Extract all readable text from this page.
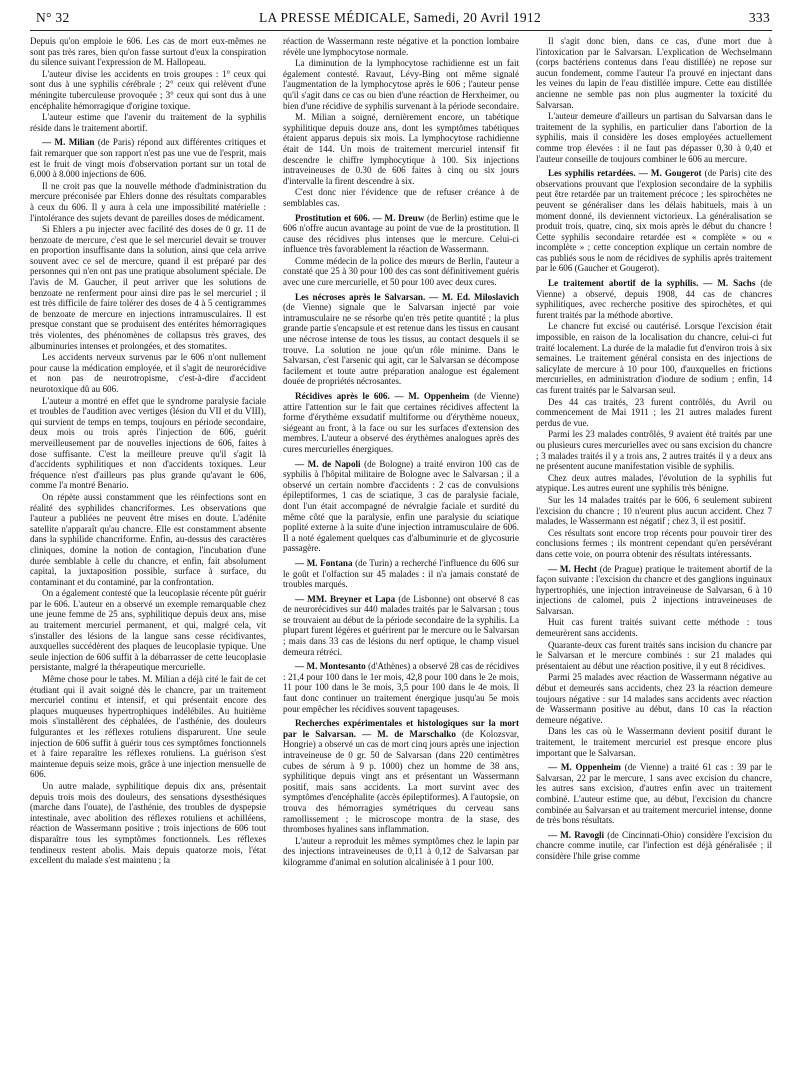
N° 32	LA PRESSE MÉDICALE, Samedi, 20 Avril 1912	333

Depuis qu'on emploie le 606. Les cas de mort eux-mêmes ne sont pas très rares, bien qu'on fasse surtout d'eux la conspiration du silence suivant l'expression de M. Hallopeau.

L'auteur divise les accidents en trois groupes : 1° ceux qui sont dus à une syphilis cérébrale ; 2° ceux qui relèvent d'une méningite tuberculeuse provoquée ; 3° ceux qui sont dus à une encéphalite hémorragique d'origine toxique.

L'auteur estime que l'avenir du traitement de la syphilis réside dans le traitement abortif.

— M. Milian (de Paris) répond aux différentes critiques et fait remarquer que son rapport n'est pas une vue de l'esprit, mais est le fruit de vingt mois d'observation portant sur un total de 6.000 à 8.000 injections de 606.

Il ne croit pas que la nouvelle méthode d'administration du mercure préconisée par Ehlers donne des résultats comparables à ceux du 606. Il y aura à cela une impossibilité matérielle : l'intolérance des sujets devant de pareilles doses de médicament.

Si Ehlers a pu injecter avec facilité des doses de 0 gr. 11 de benzoate de mercure, c'est que le sel mercuriel devait se trouver en proportion insuffisante dans la solution, ainsi que cela arrive souvent avec ce sel de mercure, quand il est préparé par des personnes qui n'en ont pas une pratique absolument spéciale. De l'avis de M. Gaucher, il peut arriver que les solutions de benzoate ne renferment pour ainsi dire pas le sel mercuriel ; il est très difficile de faire tolérer des doses de 4 à 5 centigrammes de benzoate de mercure en injections intramusculaires. Il est presque constant que se produisent des entérites hémorragiques très violentes, des phénomènes de collapsus très graves, des albuminuries intenses et prolongées, et des stomatites.

Les accidents nerveux survenus par le 606 n'ont nullement pour cause la médication employée, et il s'agit de neurorécidive et non pas de neurotropisme, c'est-à-dire d'accident neurotoxique dû au 606.

L'auteur a montré en effet que le syndrome paralysie faciale et troubles de l'audition avec vertiges (lésion du VII et du VIII), qui survient de temps en temps, toujours en période secondaire, deux mois ou trois après l'injection de 606, guérit merveilleusement par de nouvelles injections de 606, faites à dose suffisante. C'est la meilleure preuve qu'il s'agit là d'accidents syphilitiques et non d'accidents toxiques. Leur fréquence n'est d'ailleurs pas plus grande qu'avant le 606, comme l'a montré Benario.

On répète aussi constamment que les réinfections sont en réalité des syphilides chancriformes. Les observations que l'auteur a publiées ne peuvent être mises en doute. L'adénite satellite n'apparaît qu'au chancre. Elle est constamment absente dans la syphilide chancriforme. Enfin, au-dessus des caractères cliniques, domine la notion de contagion, l'incubation d'une durée semblable à celle du chancre, et enfin, fait absolument capital, la juxtaposition possible, surface à surface, du contaminant et du contaminé, par la confrontation.

On a également contesté que la leucoplasie récente pût guérir par le 606. L'auteur en a observé un exemple remarquable chez une jeune femme de 25 ans, syphilitique depuis deux ans, mise au traitement mercuriel permanent, et qui, malgré cela, vit s'installer des lésions de la langue sans cesse récidivantes, auxquelles succédèrent des plaques de leucoplasie typique. Une seule injection de 606 suffit à la débarrasser de cette leucoplasie persistante, malgré la thérapeutique mercurielle.

Même chose pour le tabes. M. Milian a déjà cité le fait de cet étudiant qui il avait soigné dès le chancre, par un traitement mercuriel continu et intensif, et qui présentait encore des plaques muqueuses hypertrophiques indélébiles. Au huitième mois s'installèrent des céphalées, de l'asthénie, des douleurs fulgurantes et les réflexes rotuliens disparurent. Une seule injection de 606 suffit à guérir tous ces symptômes fonctionnels et à faire reparaître les réflexes rotuliens. La guérison s'est maintenue depuis seize mois, grâce à une injection mensuelle de 606.

Un autre malade, syphilitique depuis dix ans, présentait depuis trois mois des douleurs, des sensations dysesthésiques (marche dans l'ouate), de l'asthénie, des troubles de dyspepsie intestinale, avec abolition des réflexes rotuliens et achilléens, réaction de Wassermann positive ; trois injections de 606 tout disparaître tous les symptômes fonctionnels. Les réflexes tendineux restent abolis. Mais depuis quatorze mois, l'état excellent du malade s'est maintenu ; la

réaction de Wassermann reste négative et la ponction lombaire révèle une lymphocytose normale.

La diminution de la lymphocytose rachidienne est un fait également contesté. Ravaut, Lévy-Bing ont même signalé l'augmentation de la lymphocytose après le 606 ; l'auteur pense qu'il s'agit dans ce cas ou bien d'une réaction de Herxheimer, ou bien d'une récidive de syphilis survenant à la période secondaire.

M. Milian a soigné, dernièrement encore, un tabétique syphilitique depuis douze ans, dont les symptômes tabétiques étaient apparus depuis six mois. La lymphocytose rachidienne était de 144. Un mois de traitement mercuriel intensif fit descendre le chiffre lymphocytique à 100. Six injections intraveineuses de 0.30 de 606 faites à cinq ou six jours d'intervalle la firent descendre à six.

C'est donc nier l'évidence que de refuser créance à de semblables cas.

Prostitution et 606. — M. Dreuw (de Berlin) estime que le 606 n'offre aucun avantage au point de vue de la prostitution. Il cause des récidives plus intenses que le mercure. Celui-ci influence très favorablement la réaction de Wassermann.

Comme médecin de la police des mœurs de Berlin, l'auteur a constaté que 25 à 30 pour 100 des cas sont définitivement guéris avec une cure mercurielle, et 50 pour 100 avec deux cures.

Les nécroses après le Salvarsan. — M. Ed. Miloslavich (de Vienne) signale que le Salvarsan injecté par voie intramusculaire ne se résorbe qu'en très petite quantité ; la plus grande partie s'encapsule et est retenue dans les tissus en causant une nécrose intense de tous les tissus, au contact desquels il se trouve. La solution ne joue qu'un rôle minime. Dans le Salvarsan, c'est l'arsenic qui agit, car le Salvarsan se décompose facilement et toute autre préparation analogue est également douée de propriétés nécrosantes.

Récidives après le 606. — M. Oppenheim (de Vienne) attire l'attention sur le fait que certaines récidives affectent la forme d'érythème exsudatif multiforme ou d'érythème noueux, siégeant au front, à la face ou sur les surfaces d'extension des membres. L'auteur a observé des érythèmes analogues après des cures mercurielles énergiques.

— M. de Napoli (de Bologne) a traité environ 100 cas de syphilis à l'hôpital militaire de Bologne avec le Salvarsan ; il a observé un certain nombre d'accidents : 2 cas de convulsions épileptiformes, 1 cas de sciatique, 3 cas de paralysie faciale, dont l'un était accompagné de névralgie faciale et surdité du même côté que la paralysie, enfin une paralysie du sciatique poplité externe à la suite d'une injection intramusculaire de 606. Il a noté également quelques cas d'albuminurie et de glycosurie passagère.

— M. Fontana (de Turin) a recherché l'influence du 606 sur le goût et l'olfaction sur 45 malades : il n'a jamais constaté de troubles marqués.

— MM. Breyner et Lapa (de Lisbonne) ont observé 8 cas de neurorécidives sur 440 malades traités par le Salvarsan ; tous se trouvaient au début de la période secondaire de la syphilis. La plupart furent légères et guérirent par le mercure ou le Salvarsan ; mais dans 33 cas de lésions du nerf optique, le champ visuel demeura rétréci.

— M. Montesanto (d'Athènes) a observé 28 cas de récidives : 21,4 pour 100 dans le 1er mois, 42,8 pour 100 dans le 2e mois, 11 pour 100 dans le 3e mois, 3,5 pour 100 dans le 4e mois. Il faut donc continuer un traitement énergique jusqu'au 5e mois pour empêcher les récidives souvent tapageuses.

Recherches expérimentales et histologiques sur la mort par le Salvarsan. — M. de Marschalko (de Kolozsvar, Hongrie) a observé un cas de mort cinq jours après une injection intraveineuse de 0 gr. 50 de Salvarsan (dans 220 centimètres cubes de sérum à 9 p. 1000) chez un homme de 38 ans, syphilitique depuis vingt ans et présentant un Wassermann positif, mais sans accidents. La mort survint avec des symptômes d'encéphalite (accès épileptiformes). A l'autopsie, on trouva des hémorragies symétriques du cerveau sans ramollissement ; le microscope montra de la stase, des thromboses hyalines sans inflammation.

L'auteur a reproduit les mêmes symptômes chez le lapin par des injections intraveineuses de 0,11 à 0,12 de Salvarsan par kilogramme d'animal en solution alcalinisée à 1 pour 100.

Il s'agit donc bien, dans ce cas, d'une mort due à l'intoxication par le Salvarsan. L'explication de Wechselmann (corps bactériens contenus dans l'eau distillée) ne repose sur aucun fondement, comme l'auteur l'a prouvé en injectant dans les veines du lapin de l'eau distillée impure. Cette eau distillée ancienne ne semble pas non plus augmenter la toxicité du Salvarsan.

L'auteur demeure d'ailleurs un partisan du Salvarsan dans le traitement de la syphilis, en particulier dans l'abortion de la syphilis, mais il considère les doses employées actuellement comme trop élevées : il ne faut pas dépasser 0,30 à 0,40 et l'auteur conseille de toujours combiner le 606 au mercure.

Les syphilis retardées. — M. Gougerot (de Paris) cite des observations prouvant que l'explosion secondaire de la syphilis peut être retardée par un traitement précoce ; les spirochètes ne peuvent se généraliser dans les délais habituels, mais à un moment donné, ils deviennent victorieux. La généralisation se produit trois, quatre, cinq, six mois après le début du chancre ! Cette syphilis secondaire retardée est « complète » ou « incomplète » ; cette conception explique un certain nombre de cas publiés sous le nom de récidives de syphilis après traitement par le 606 (Gaucher et Gougerot).

Le traitement abortif de la syphilis. — M. Sachs (de Vienne) a observé, depuis 1908, 44 cas de chancres syphilitiques, avec recherche positive des spirochètes, et qui furent traités par la méthode abortive.

Le chancre fut excisé ou cautérisé. Lorsque l'excision était impossible, en raison de la localisation du chancre, celui-ci fut traité localement. La durée de la maladie fut d'environ trois à six semaines. Le traitement général consista en des injections de salicylate de mercure à 10 pour 100, d'auxquelles en frictions mercurielles, en administration d'iodure de sodium ; enfin, 14 cas furent traités par le Salvarsan seul.

Des 44 cas traités, 23 furent contrôlés, du Avril ou commencement de Mai 1911 ; les 21 autres malades furent perdus de vue.

Parmi les 23 malades contrôlés, 9 avaient été traités par une ou plusieurs cures mercurielles avec ou sans excision du chancre ; 3 malades traités il y a trois ans, 2 autres traités il y a deux ans ne présentent aucune manifestation visible de syphilis.

Chez deux autres malades, l'évolution de la syphilis fut atypique. Les autres eurent une syphilis très bénigne.

Sur les 14 malades traités par le 606, 6 seulement subirent l'excision du chancre ; 10 n'eurent plus aucun accident. Chez 7 malades, le Wassermann est négatif ; chez 3, il est positif.

Ces résultats sont encore trop récents pour pouvoir tirer des conclusions fermes ; ils montrent cependant qu'en persévérant dans cette voie, on pourra obtenir des résultats intéressants.

— M. Hecht (de Prague) pratique le traitement abortif de la façon suivante : l'excision du chancre et des ganglions inguinaux hypertrophiés, une injection intraveineuse de Salvarsan, 6 à 10 injections de calomel, puis 2 injections intraveineuses de Salvarsan.

Huit cas furent traités suivant cette méthode : tous demeurèrent sans accidents.

Quarante-deux cas furent traités sans incision du chancre par le Salvarsan et le mercure combinés : sur 21 malades qui présentaient au début une réaction positive, il y eut 8 récidives.

Parmi 25 malades avec réaction de Wassermann négative au début et demeurés sans accidents, chez 23 la réaction demeure toujours négative : sur 14 malades sans accidents avec réaction de Wassermann positive au début, dans 10 cas la réaction demeure négative.

Dans les cas où le Wassermann devient positif durant le traitement, le traitement mercuriel est presque encore plus important que le Salvarsan.

— M. Oppenheim (de Vienne) a traité 61 cas : 39 par le Salvarsan, 22 par le mercure, 1 sans avec excision du chancre, les autres sans excision, d'autres enfin avec un traitement combiné. L'auteur estime que, au début, l'excision du chancre combinée au Salvarsan et au traitement mercuriel intense, donne de très bons résultats.

— M. Ravogli (de Cincinnati-Ohio) considère l'excision du chancre comme inutile, car l'infection est déjà généralisée ; il considère l'hile grise comme
